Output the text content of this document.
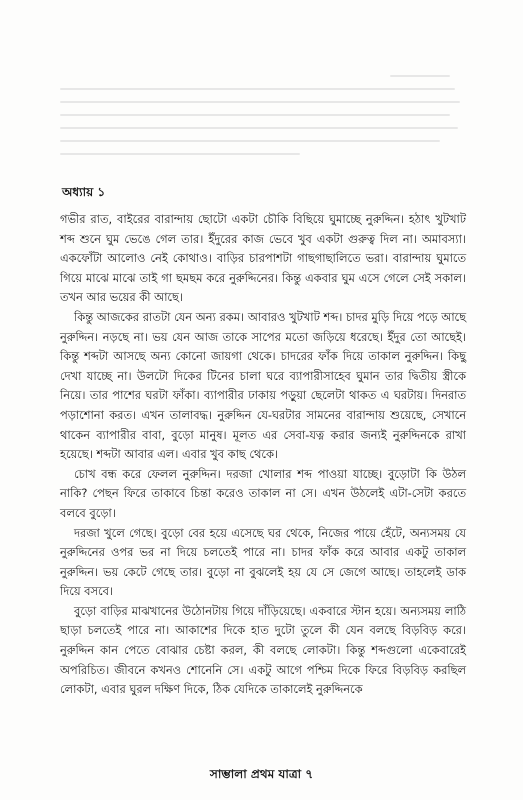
অধ্যায় ১

গভীর রাত, বাইরের বারান্দায় ছোটো একটা চৌকি বিছিয়ে ঘুমাচ্ছে নুরুদ্দিন। হঠাৎ খুটখাট শব্দ শুনে ঘুম ভেঙে গেল তার। ইঁদুরের কাজ ভেবে খুব একটা গুরুত্ব দিল না। অমাবস্যা। একফোঁটা আলোও নেই কোথাও। বাড়ির চারপাশটা গাছগাছালিতে ভরা। বারান্দায় ঘুমাতে গিয়ে মাঝে মাঝে তাই গা ছমছম করে নুরুদ্দিনের। কিন্তু একবার ঘুম এসে গেলে সেই সকাল। তখন আর ভয়ের কী আছে।

কিন্তু আজকের রাতটা যেন অন্য রকম। আবারও খুটখাট শব্দ। চাদর মুড়ি দিয়ে পড়ে আছে নুরুদ্দিন। নড়ছে না। ভয় যেন আজ তাকে সাপের মতো জড়িয়ে ধরেছে। ইঁদুর তো আছেই। কিন্তু শব্দটা আসছে অন্য কোনো জায়গা থেকে। চাদরের ফাঁক দিয়ে তাকাল নুরুদ্দিন। কিছু দেখা যাচ্ছে না। উলটো দিকের টিনের চালা ঘরে ব্যাপারীসাহেব ঘুমান তার দ্বিতীয় স্ত্রীকে নিয়ে। তার পাশের ঘরটা ফাঁকা। ব্যাপারীর ঢাকায় পড়ুয়া ছেলেটা থাকত এ ঘরটায়। দিনরাত পড়াশোনা করত। এখন তালাবদ্ধ। নুরুদ্দিন যে-ঘরটার সামনের বারান্দায় শুয়েছে, সেখানে থাকেন ব্যাপারীর বাবা, বুড়ো মানুষ। মূলত এর সেবা-যত্ন করার জন্যই নুরুদ্দিনকে রাখা হয়েছে। শব্দটা আবার এল। এবার খুব কাছ থেকে।

চোখ বন্ধ করে ফেলল নুরুদ্দিন। দরজা খোলার শব্দ পাওয়া যাচ্ছে। বুড়োটা কি উঠল নাকি? পেছন ফিরে তাকাবে চিন্তা করেও তাকাল না সে। এখন উঠলেই এটা-সেটা করতে বলবে বুড়ো।

দরজা খুলে গেছে। বুড়ো বের হয়ে এসেছে ঘর থেকে, নিজের পায়ে হেঁটে, অন্যসময় যে নুরুদ্দিনের ওপর ভর না দিয়ে চলতেই পারে না। চাদর ফাঁক করে আবার একটু তাকাল নুরুদ্দিন। ভয় কেটে গেছে তার। বুড়ো না বুঝলেই হয় যে সে জেগে আছে। তাহলেই ডাক দিয়ে বসবে।

বুড়ো বাড়ির মাঝখানের উঠোনটায় গিয়ে দাঁড়িয়েছে। একবারে স্টান হয়ে। অন্যসময় লাঠি ছাড়া চলতেই পারে না। আকাশের দিকে হাত দুটো তুলে কী যেন বলছে বিড়বিড় করে। নুরুদ্দিন কান পেতে বোঝার চেষ্টা করল, কী বলছে লোকটা। কিন্তু শব্দগুলো একেবারেই অপরিচিত। জীবনে কখনও শোনেনি সে। একটু আগে পশ্চিম দিকে ফিরে বিড়বিড় করছিল লোকটা, এবার ঘুরল দক্ষিণ দিকে, ঠিক যেদিকে তাকালেই নুরুদ্দিনকে

সাম্ভালা প্রথম যাত্রা ৭
